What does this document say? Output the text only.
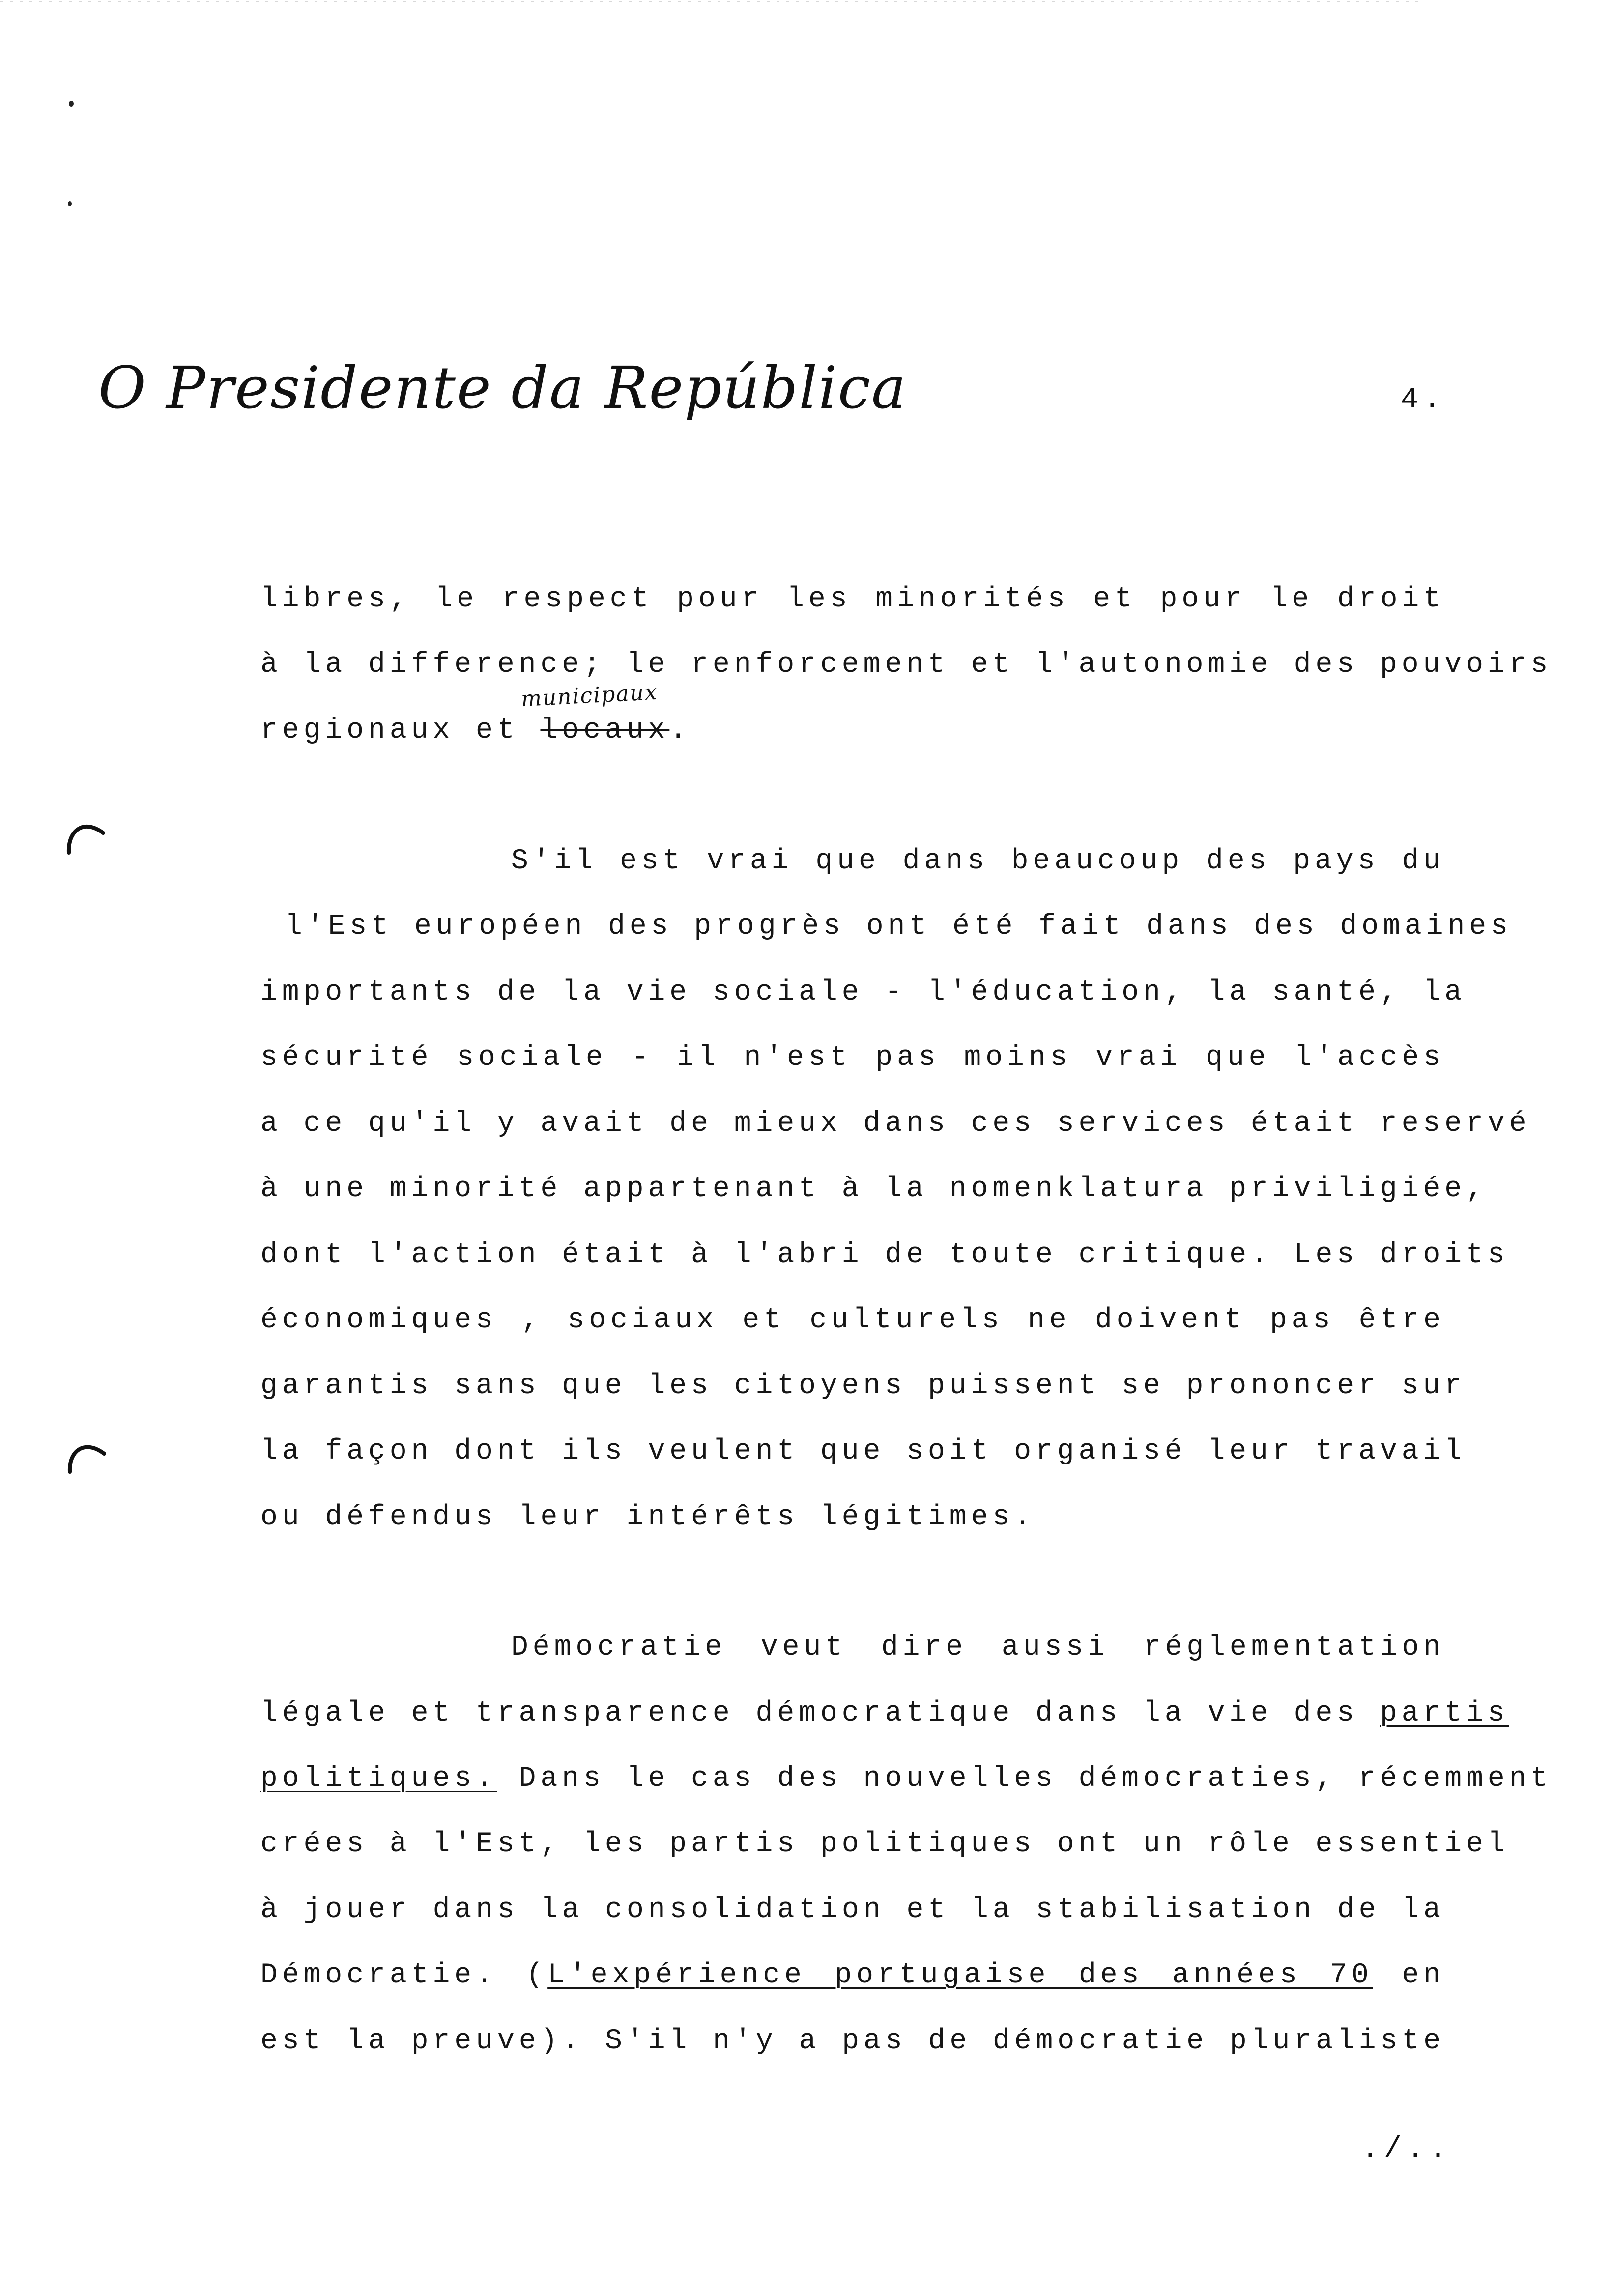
O Presidente da República	4.
municipaux
libres, le respect pour les minorités et pour le droit
à la difference; le renforcement et l'autonomie des pouvoirs
regionaux et locaux.
S'il est vrai que dans beaucoup des pays du
l'Est européen des progrès ont été fait dans des domaines
importants de la vie sociale - l'éducation, la santé, la
sécurité sociale - il n'est pas moins vrai que l'accès
a ce qu'il y avait de mieux dans ces services était reservé
à une minorité appartenant à la nomenklatura priviligiée,
dont l'action était à l'abri de toute critique. Les droits
économiques , sociaux et culturels ne doivent pas être
garantis sans que les citoyens puissent se prononcer sur
la façon dont ils veulent que soit organisé leur travail
ou défendus leur intérêts légitimes.
Démocratie veut dire aussi réglementation
légale et transparence démocratique dans la vie des partis
politiques. Dans le cas des nouvelles démocraties, récemment
crées à l'Est, les partis politiques ont un rôle essentiel
à jouer dans la consolidation et la stabilisation de la
Démocratie. (L'expérience portugaise des années 70 en
est la preuve). S'il n'y a pas de démocratie pluraliste
./..
